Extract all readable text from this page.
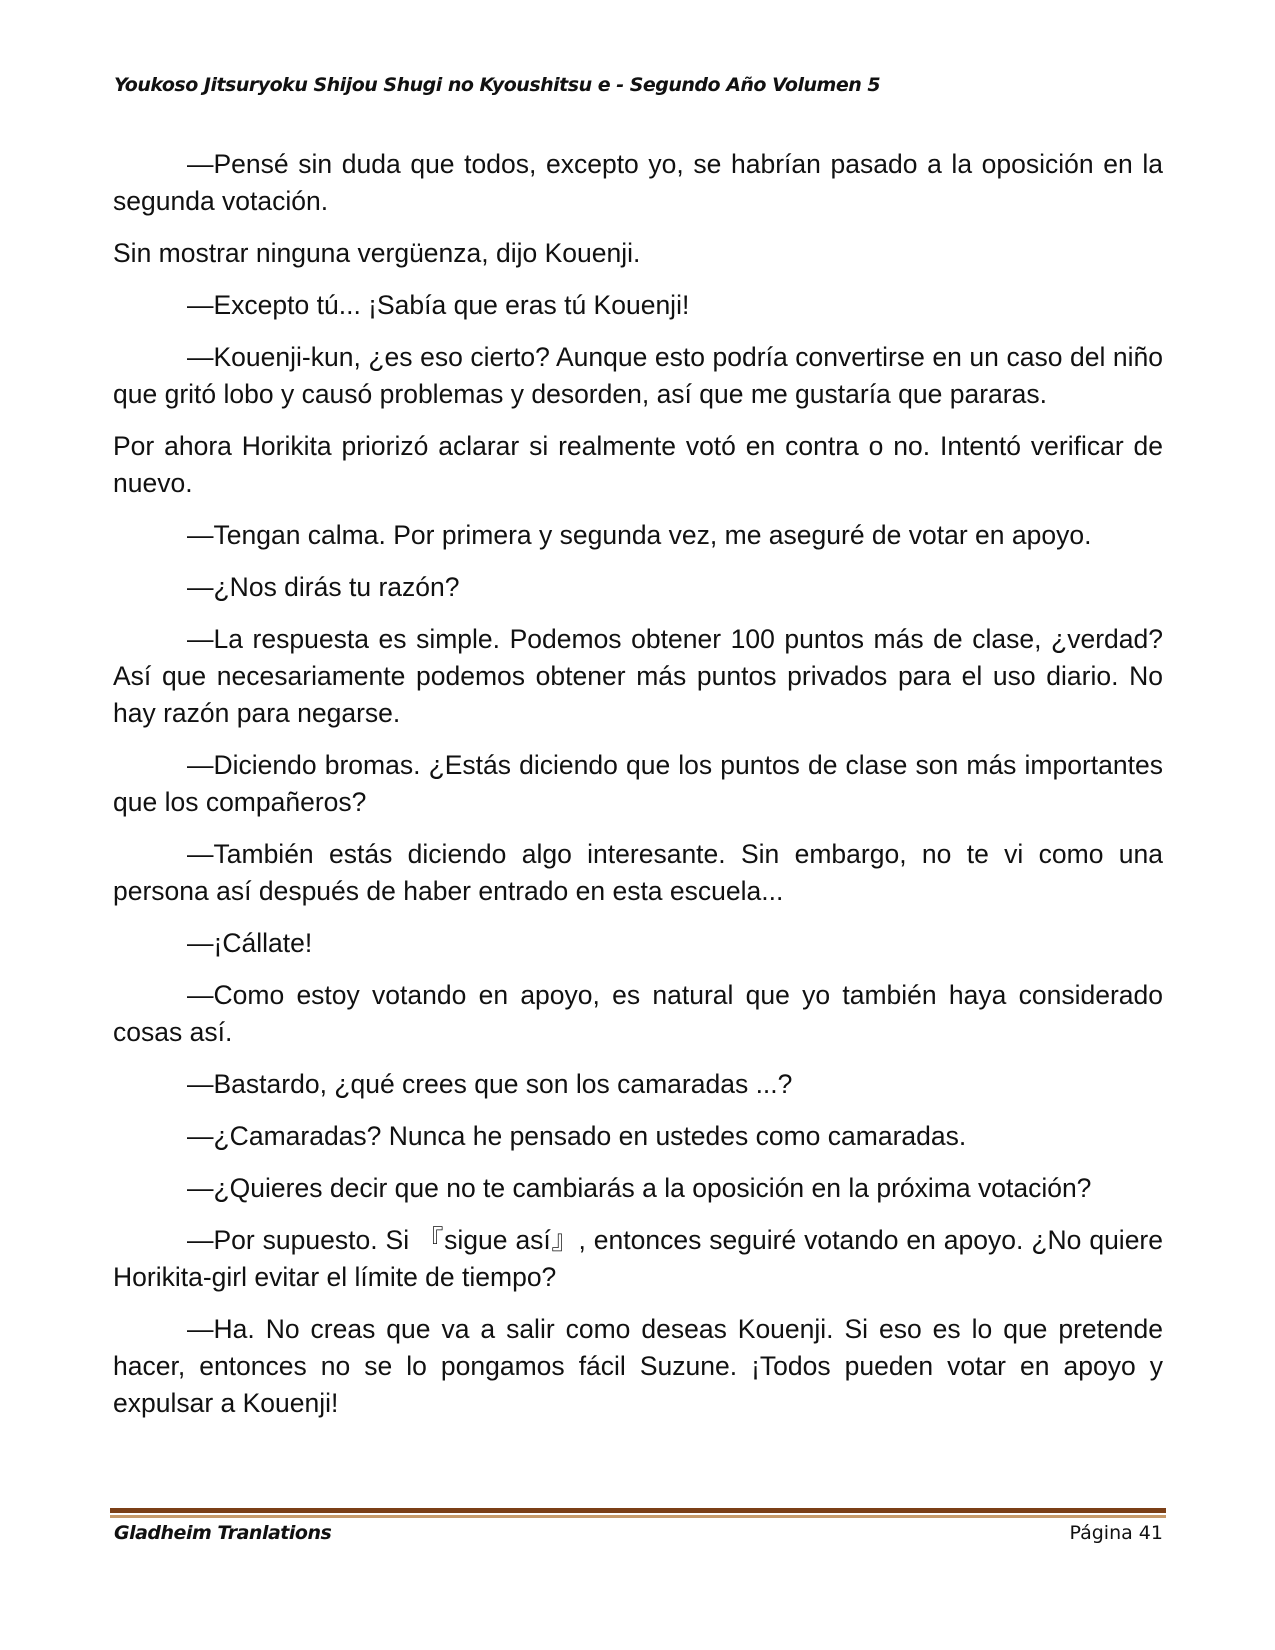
Youkoso Jitsuryoku Shijou Shugi no Kyoushitsu e - Segundo Año Volumen 5

—Pensé sin duda que todos, excepto yo, se habrían pasado a la oposición en la segunda votación.

Sin mostrar ninguna vergüenza, dijo Kouenji.

—Excepto tú... ¡Sabía que eras tú Kouenji!

—Kouenji-kun, ¿es eso cierto? Aunque esto podría convertirse en un caso del niño que gritó lobo y causó problemas y desorden, así que me gustaría que pararas.

Por ahora Horikita priorizó aclarar si realmente votó en contra o no. Intentó verificar de nuevo.

—Tengan calma. Por primera y segunda vez, me aseguré de votar en apoyo.

—¿Nos dirás tu razón?

—La respuesta es simple. Podemos obtener 100 puntos más de clase, ¿verdad? Así que necesariamente podemos obtener más puntos privados para el uso diario. No hay razón para negarse.

—Diciendo bromas. ¿Estás diciendo que los puntos de clase son más importantes que los compañeros?

—También estás diciendo algo interesante. Sin embargo, no te vi como una persona así después de haber entrado en esta escuela...

—¡Cállate!

—Como estoy votando en apoyo, es natural que yo también haya considerado cosas así.

—Bastardo, ¿qué crees que son los camaradas ...?

—¿Camaradas? Nunca he pensado en ustedes como camaradas.

—¿Quieres decir que no te cambiarás a la oposición en la próxima votación?

—Por supuesto. Si 『sigue así』, entonces seguiré votando en apoyo. ¿No quiere Horikita-girl evitar el límite de tiempo?

—Ha. No creas que va a salir como deseas Kouenji. Si eso es lo que pretende hacer, entonces no se lo pongamos fácil Suzune. ¡Todos pueden votar en apoyo y expulsar a Kouenji!

Gladheim Tranlations	Página 41
